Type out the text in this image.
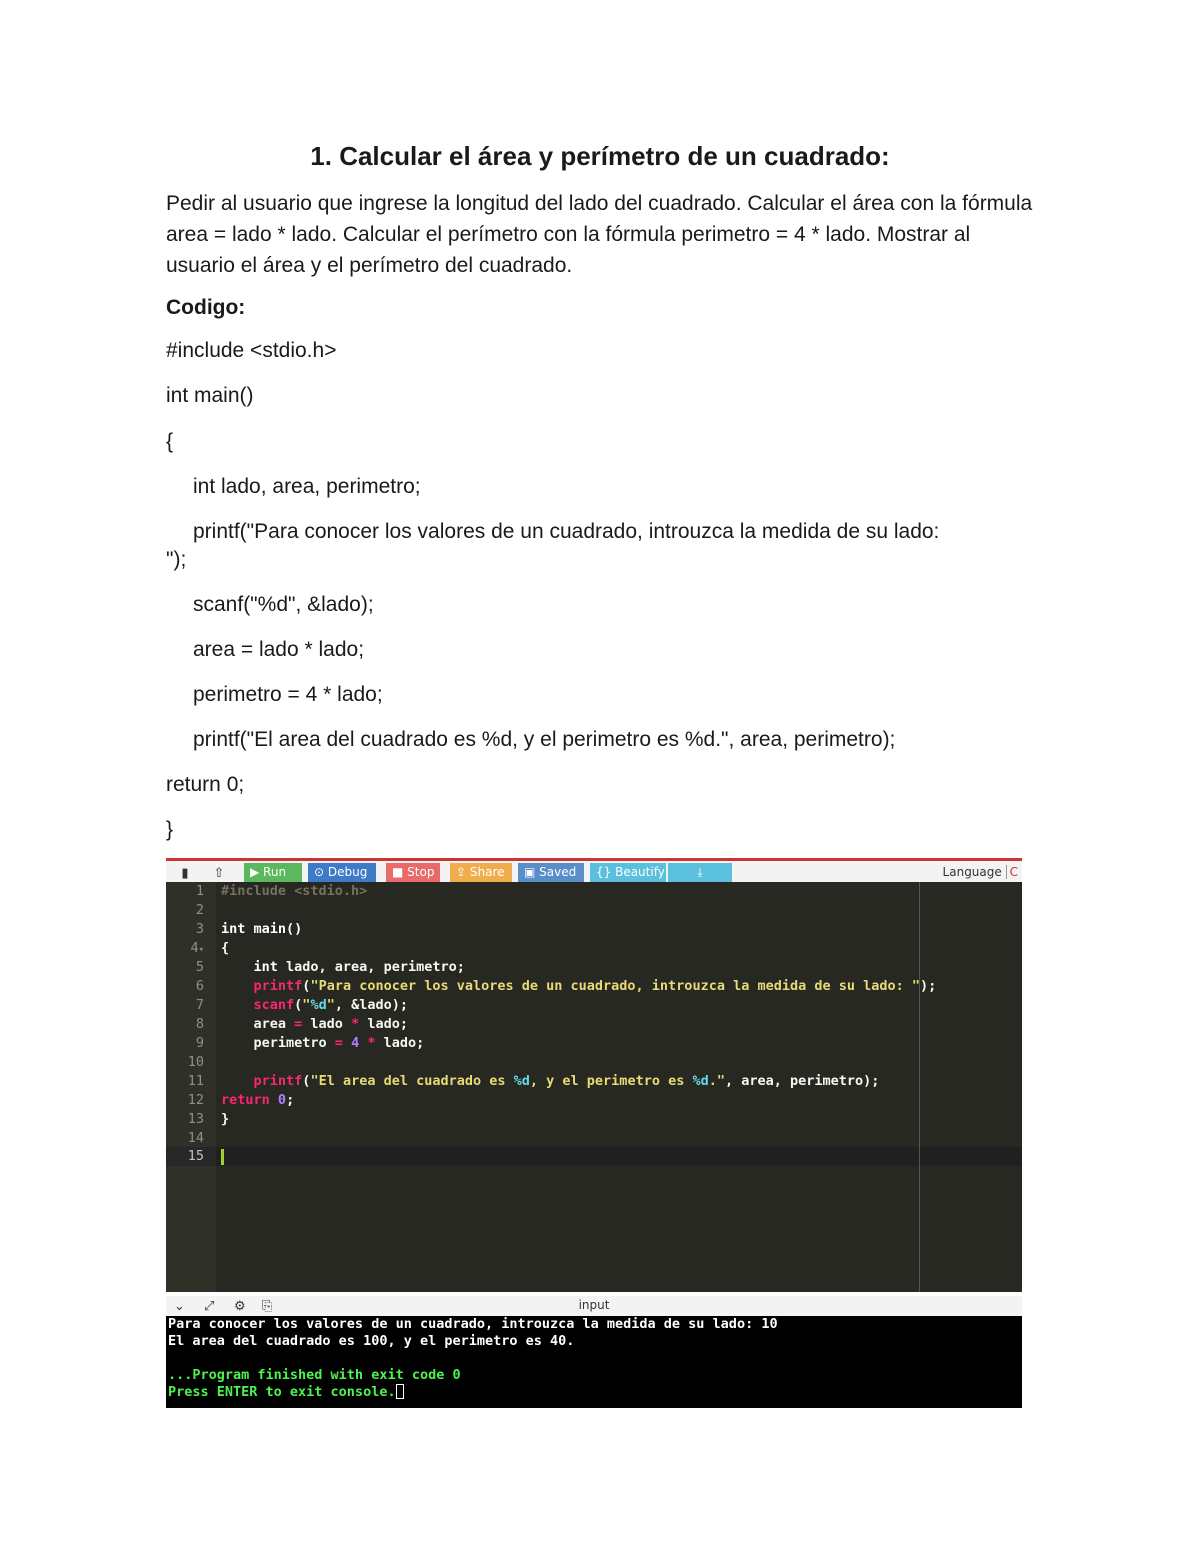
1. Calcular el área y perímetro de un cuadrado:

Pedir al usuario que ingrese la longitud del lado del cuadrado. Calcular el área con la fórmula area = lado * lado. Calcular el perímetro con la fórmula perimetro = 4 * lado. Mostrar al usuario el área y el perímetro del cuadrado.

Codigo:

#include <stdio.h>

int main()

{

int lado, area, perimetro;

printf("Para conocer los valores de un cuadrado, introuzca la medida de su lado:

");

scanf("%d", &lado);

area = lado * lado;

perimetro = 4 * lado;

printf("El area del cuadrado es %d, y el perimetro es %d.", area, perimetro);

return 0;

}

▮	⇧	▶ Run	⊙ Debug	■ Stop	⇪ Share	▣ Saved	{} Beautify	⤓	Language C
1 #include <stdio.h>
2
3 int main()
4▾ {
5	int lado, area, perimetro;
6	printf("Para conocer los valores de un cuadrado, introuzca la medida de su lado: ");
7	scanf("%d", &lado);
8 area = lado * lado;
9 perimetro = 4 * lado;
10
11	printf("El area del cuadrado es %d, y el perimetro es %d.", area, perimetro);
12 return 0;
13 }
14
15
input
⌄ ⤢ ⚙ ⎘
Para conocer los valores de un cuadrado, introuzca la medida de su lado: 10
El area del cuadrado es 100, y el perimetro es 40.
...Program finished with exit code 0
Press ENTER to exit console.
